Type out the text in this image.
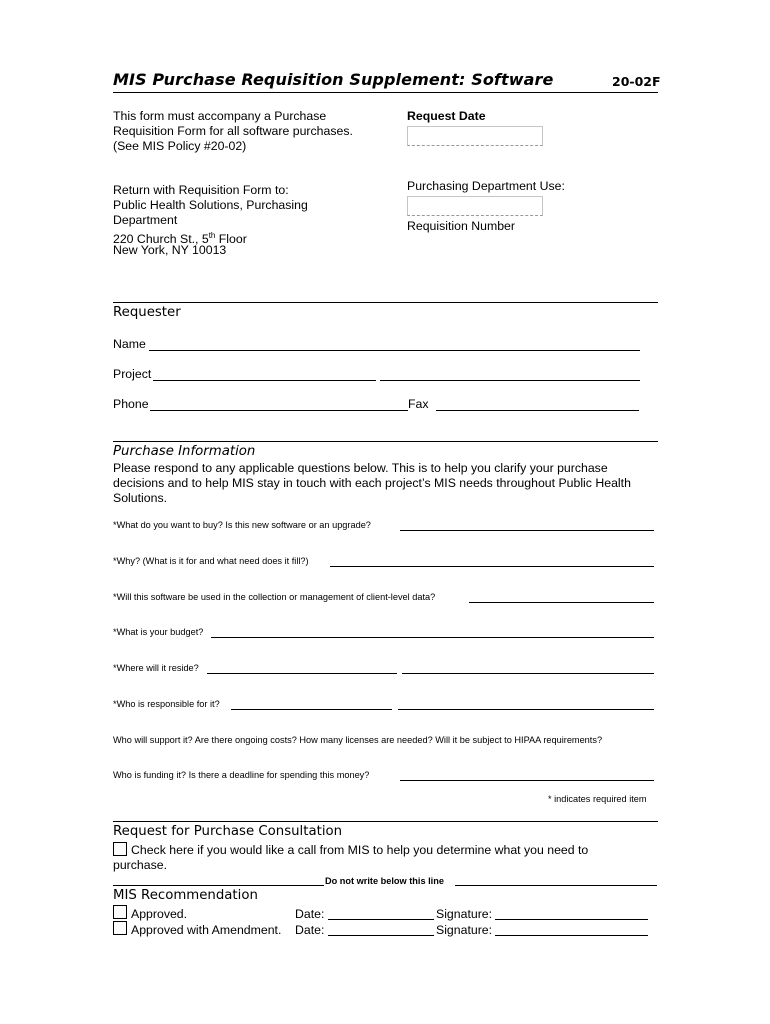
MIS Purchase Requisition Supplement: Software	20-02F
This form must accompany a Purchase
Requisition Form for all software purchases.
(See MIS Policy #20-02)
Request Date
Return with Requisition Form to:
Public Health Solutions, Purchasing
Department
220 Church St., 5th Floor
New York, NY 10013
Purchasing Department Use:
Requisition Number
Requester
Name
Project
Phone	Fax
Purchase Information
Please respond to any applicable questions below. This is to help you clarify your purchase
decisions and to help MIS stay in touch with each project’s MIS needs throughout Public Health
Solutions.
*What do you want to buy? Is this new software or an upgrade?
*Why? (What is it for and what need does it fill?)
*Will this software be used in the collection or management of client-level data?
*What is your budget?
*Where will it reside?
*Who is responsible for it?
Who will support it? Are there ongoing costs? How many licenses are needed? Will it be subject to HIPAA requirements?
Who is funding it? Is there a deadline for spending this money?
* indicates required item
Request for Purchase Consultation
Check here if you would like a call from MIS to help you determine what you need to
purchase.
Do not write below this line
MIS Recommendation
Approved.	Date:	Signature:
Approved with Amendment. Date:	Signature:
